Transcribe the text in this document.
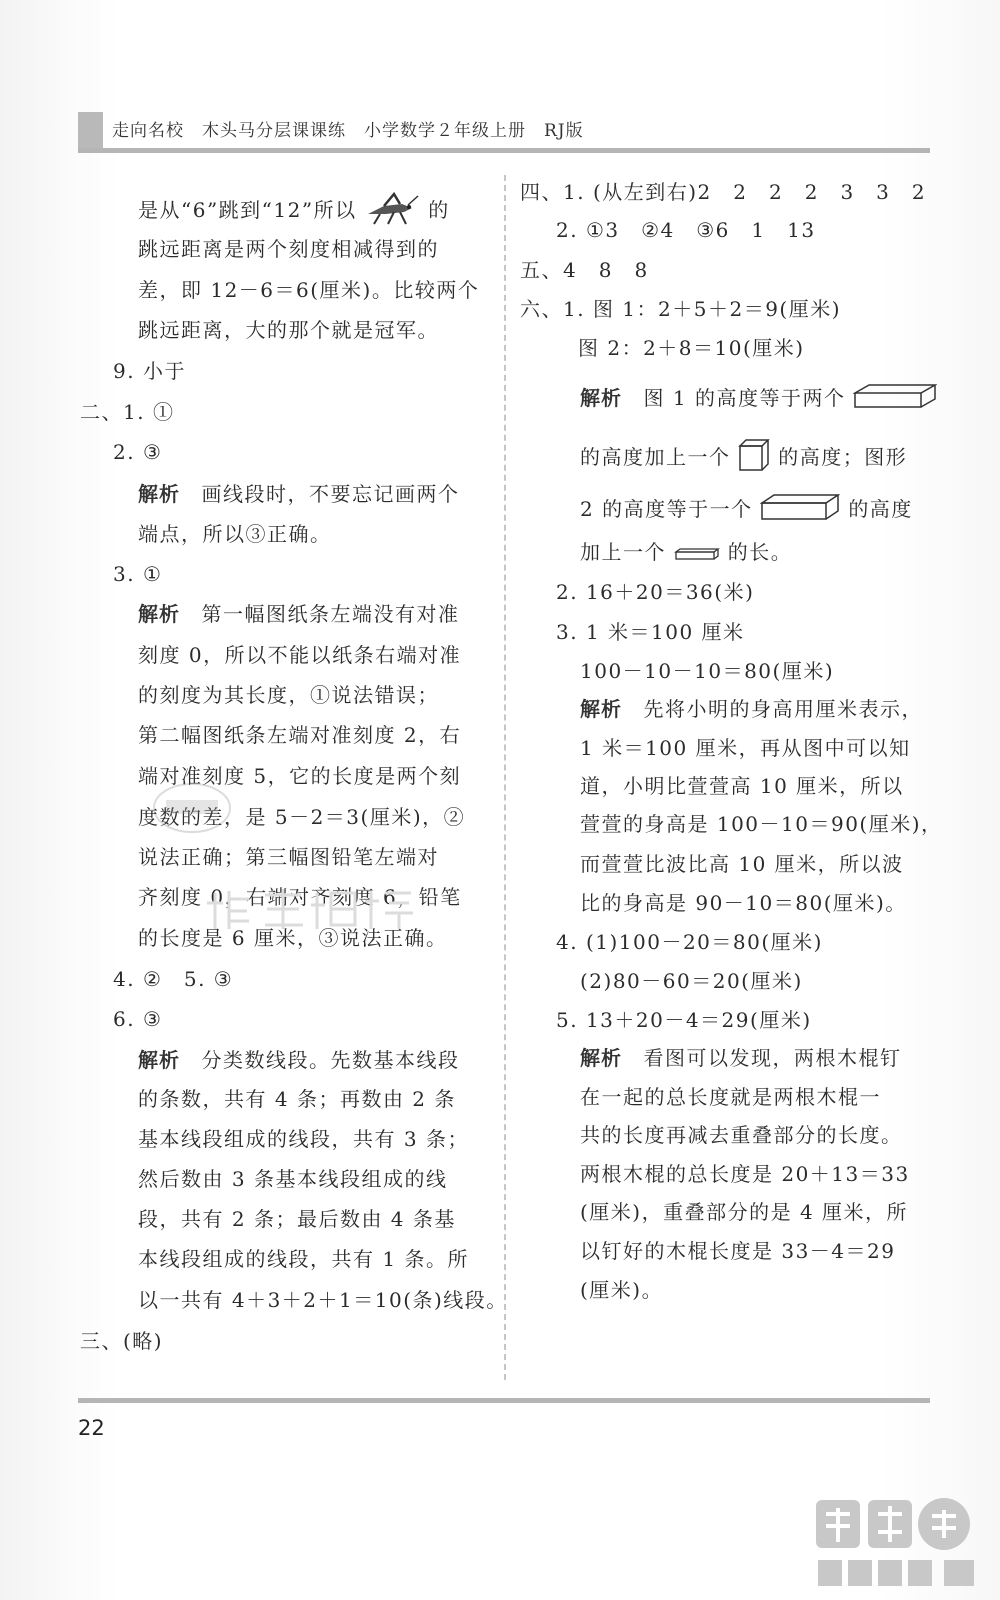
走向名校　木头马分层课课练　小学数学２年级上册　RJ版
是从“6”跳到“12”所以	的
跳远距离是两个刻度相减得到的
差，即 12－6＝6(厘米)。比较两个
跳远距离，大的那个就是冠军。
9. 小于
二、1. ①
2. ③
解析　 画线段时，不要忘记画两个
端点，所以③正确。
3. ①
解析　 第一幅图纸条左端没有对准
刻度 0，所以不能以纸条右端对准
的刻度为其长度，①说法错误；
第二幅图纸条左端对准刻度 2，右
端对准刻度 5，它的长度是两个刻
度数的差，是 5－2＝3(厘米)，②
说法正确；第三幅图铅笔左端对
齐刻度 0，右端对齐刻度 6，铅笔
的长度是 6 厘米，③说法正确。
4. ②　5. ③
6. ③
解析　 分类数线段。先数基本线段
的条数，共有 4 条；再数由 2 条
基本线段组成的线段，共有 3 条；
然后数由 3 条基本线段组成的线
段，共有 2 条；最后数由 4 条基
本线段组成的线段，共有 1 条。所
以一共有 4＋3＋2＋1＝10(条)线段。
三、(略)
四、1. (从左到右)2　2　2　2　3　3　2
2. ①3　②4　③6　1　13
五、4　8　8
六、1. 图 1：2＋5＋2＝9(厘米)
图 2：2＋8＝10(厘米)
解析　 图 1 的高度等于两个
的高度加上一个 的高度；图形
2 的高度等于一个	的高度
加上一个	的长。
2. 16＋20＝36(米)
3. 1 米＝100 厘米
100－10－10＝80(厘米)
解析　 先将小明的身高用厘米表示，
1 米＝100 厘米，再从图中可以知
道，小明比萱萱高 10 厘米，所以
萱萱的身高是 100－10＝90(厘米)，
而萱萱比波比高 10 厘米，所以波
比的身高是 90－10＝80(厘米)。
4. (1)100－20＝80(厘米)
(2)80－60＝20(厘米)
5. 13＋20－4＝29(厘米)
解析　 看图可以发现，两根木棍钉
在一起的总长度就是两根木棍一
共的长度再减去重叠部分的长度。
两根木棍的总长度是 20＋13＝33
(厘米)，重叠部分的是 4 厘米，所
以钉好的木棍长度是 33－4＝29
(厘米)。
22
